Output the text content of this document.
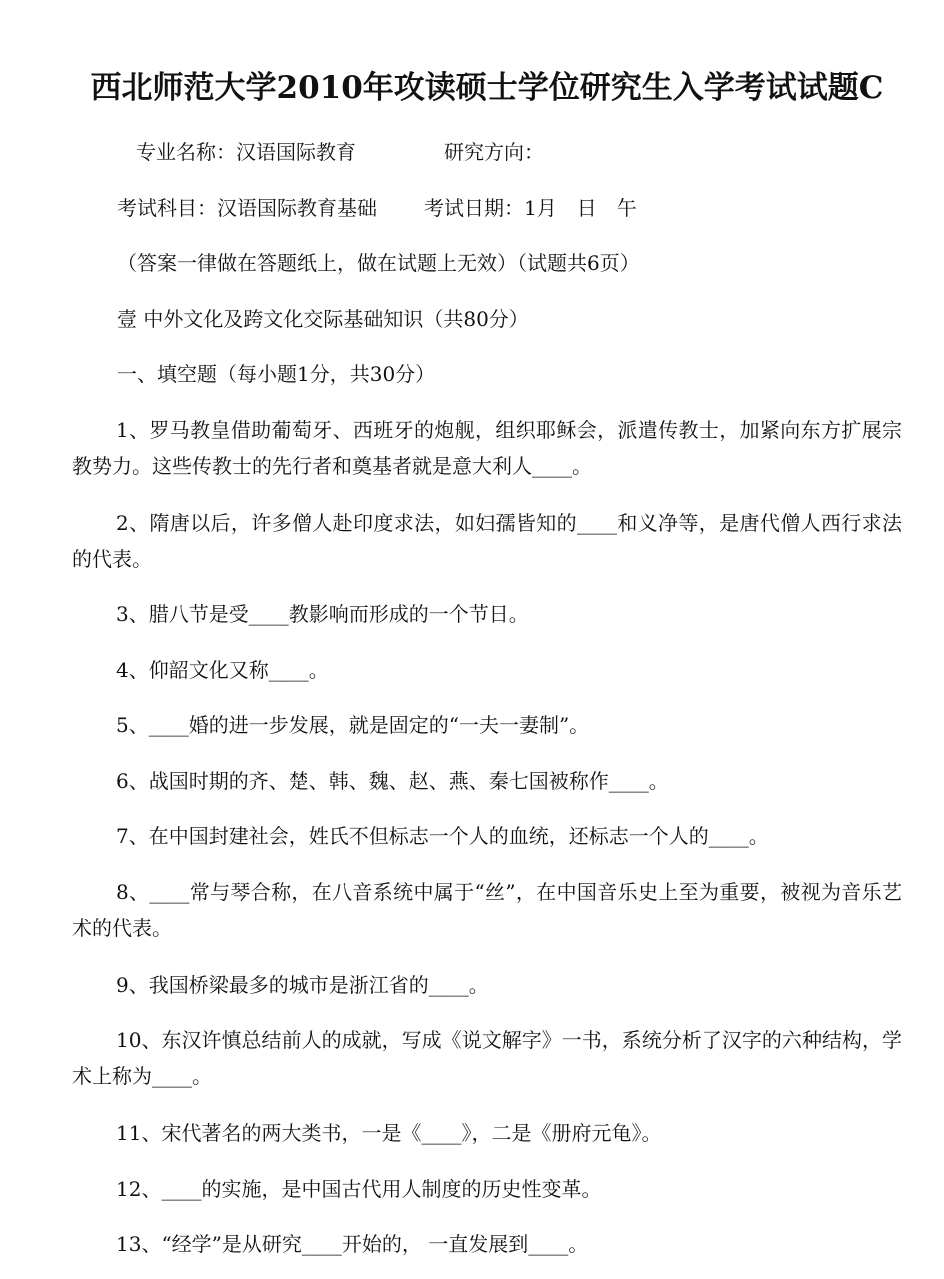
西北师范大学2010年攻读硕士学位研究生入学考试试题C
专业名称：汉语国际教育	研究方向：
考试科目：汉语国际教育基础 考试日期：1月　日　午
（答案一律做在答题纸上，做在试题上无效）（试题共6页）
壹 中外文化及跨文化交际基础知识（共80分）
一、填空题（每小题1分，共30分）
1、罗马教皇借助葡萄牙、西班牙的炮舰，组织耶稣会，派遣传教士，加紧向东方扩展宗教势力。这些传教士的先行者和奠基者就是意大利人____。
2、隋唐以后，许多僧人赴印度求法，如妇孺皆知的____和义净等，是唐代僧人西行求法的代表。
3、腊八节是受____教影响而形成的一个节日。
4、仰韶文化又称____。
5、____婚的进一步发展，就是固定的“一夫一妻制”。
6、战国时期的齐、楚、韩、魏、赵、燕、秦七国被称作____。
7、在中国封建社会，姓氏不但标志一个人的血统，还标志一个人的____。
8、____常与琴合称，在八音系统中属于“丝”，在中国音乐史上至为重要，被视为音乐艺术的代表。
9、我国桥梁最多的城市是浙江省的____。
10、东汉许慎总结前人的成就，写成《说文解字》一书，系统分析了汉字的六种结构，学术上称为____。
11、宋代著名的两大类书，一是《____》，二是《册府元龟》。
12、____的实施，是中国古代用人制度的历史性变革。
13、“经学”是从研究____开始的， 一直发展到____。
